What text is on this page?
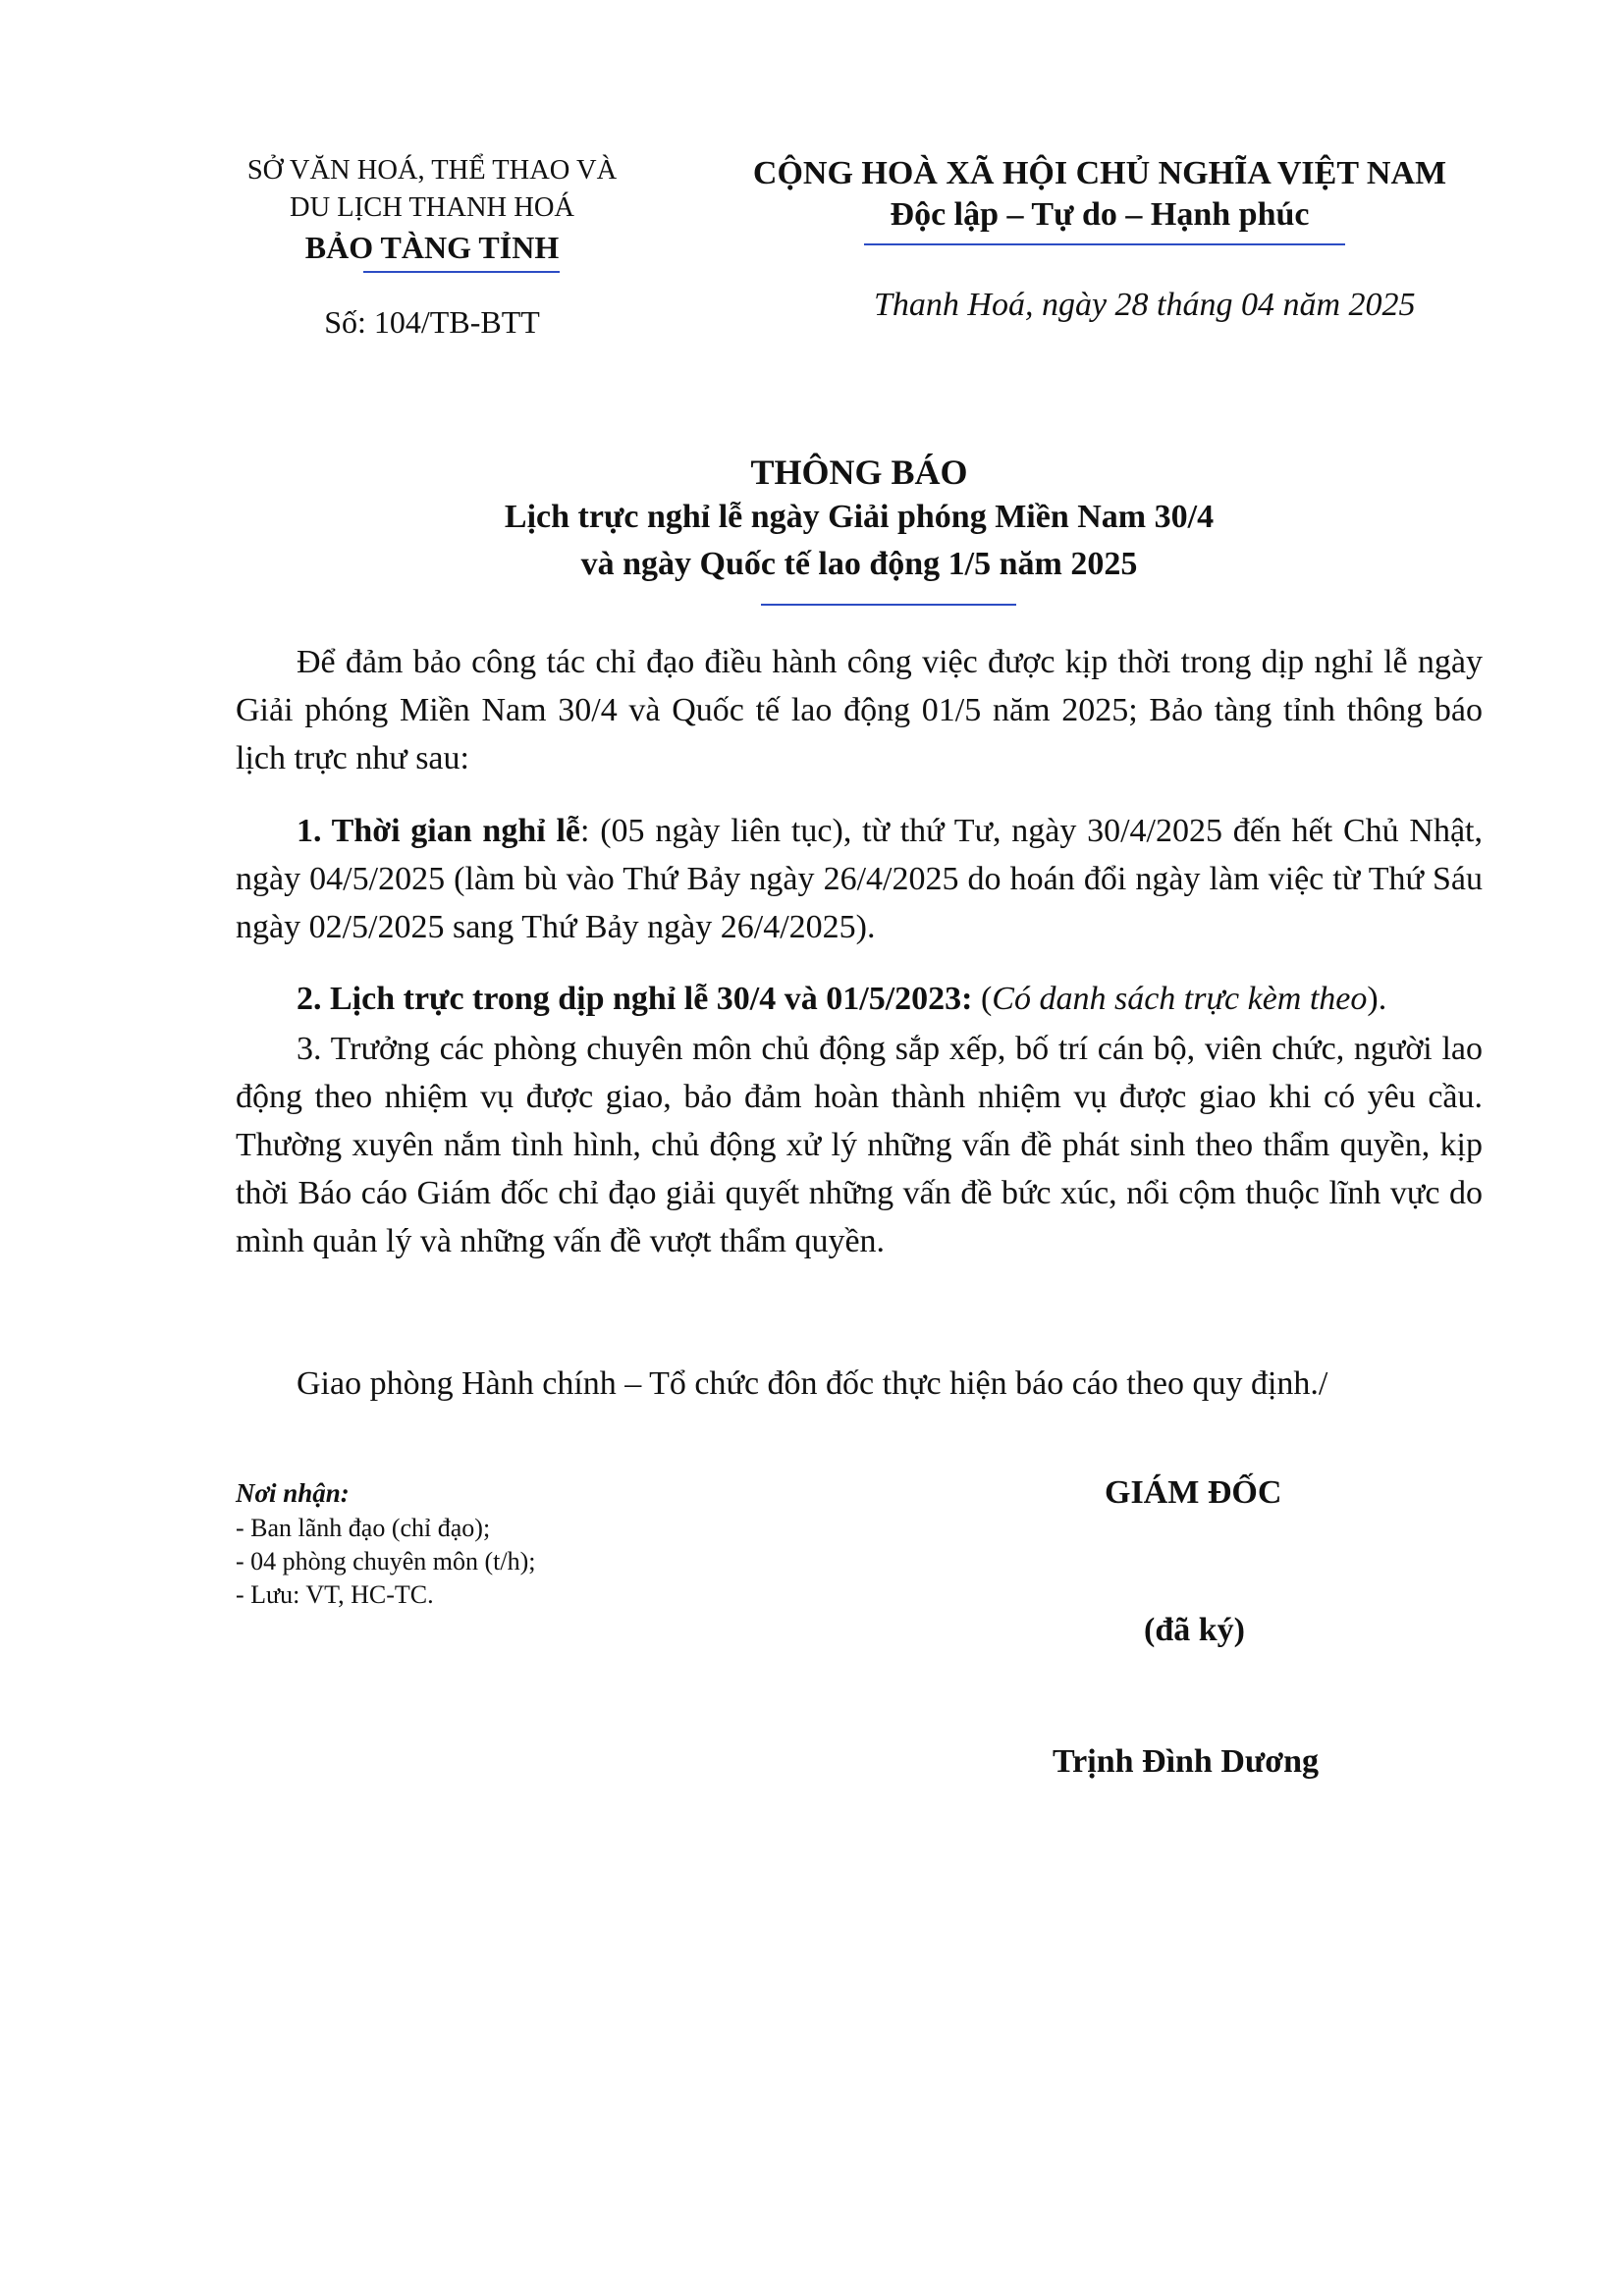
SỞ VĂN HOÁ, THỂ THAO VÀ
DU LỊCH THANH HOÁ
BẢO TÀNG TỈNH
Số: 104/TB-BTT
CỘNG HOÀ XÃ HỘI CHỦ NGHĨA VIỆT NAM
Độc lập – Tự do – Hạnh phúc
Thanh Hoá, ngày 28 tháng 04 năm 2025
THÔNG BÁO
Lịch trực nghỉ lễ ngày Giải phóng Miền Nam 30/4
và ngày Quốc tế lao động 1/5 năm 2025
Để đảm bảo công tác chỉ đạo điều hành công việc được kịp thời trong dịp nghỉ lễ ngày Giải phóng Miền Nam 30/4 và Quốc tế lao động 01/5 năm 2025; Bảo tàng tỉnh thông báo lịch trực như sau:
1. Thời gian nghỉ lễ: (05 ngày liên tục), từ thứ Tư, ngày 30/4/2025 đến hết Chủ Nhật, ngày 04/5/2025 (làm bù vào Thứ Bảy ngày 26/4/2025 do hoán đổi ngày làm việc từ Thứ Sáu ngày 02/5/2025 sang Thứ Bảy ngày 26/4/2025).
2. Lịch trực trong dịp nghỉ lễ 30/4 và 01/5/2023: (Có danh sách trực kèm theo).
3. Trưởng các phòng chuyên môn chủ động sắp xếp, bố trí cán bộ, viên chức, người lao động theo nhiệm vụ được giao, bảo đảm hoàn thành nhiệm vụ được giao khi có yêu cầu. Thường xuyên nắm tình hình, chủ động xử lý những vấn đề phát sinh theo thẩm quyền, kịp thời Báo cáo Giám đốc chỉ đạo giải quyết những vấn đề bức xúc, nổi cộm thuộc lĩnh vực do mình quản lý và những vấn đề vượt thẩm quyền.
Giao phòng Hành chính – Tổ chức đôn đốc thực hiện báo cáo theo quy định./
Nơi nhận:
- Ban lãnh đạo (chỉ đạo);
- 04 phòng chuyên môn (t/h);
- Lưu: VT, HC-TC.
GIÁM ĐỐC
(đã ký)
Trịnh Đình Dương
